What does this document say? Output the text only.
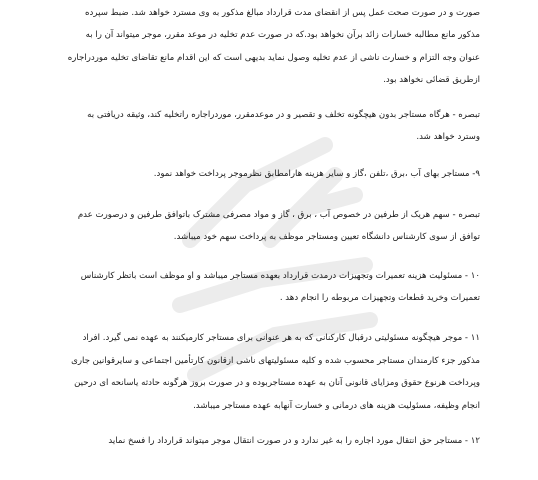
صورت و در صورت صحت عمل پس از انقضای مدت قرارداد مبالغ مذکور به وی مسترد خواهد شد. ضبط سپرده
مذکور مانع مطالبه خسارات زائد برآن نخواهد بود.که در صورت عدم تخلیه در موعد مقرر، موجر میتواند آن را به
عنوان وجه التزام و خسارت ناشی از عدم تخلیه وصول نماید بدیهی است که این اقدام مانع تقاضای تخلیه موردراجاره
ازطریق قضائی نخواهد بود.
تبصره - هرگاه مستاجر بدون هیچگونه تخلف و تقصیر و در موعدمقرر، موردراجاره راتخلیه کند، وثیقه دریافتی به
وسترد خواهد شد.
۹- مستاجر بهای آب ،برق ،تلفن ،گاز و سایر هزینه هارامطابق نظرموجر پرداخت خواهد نمود.
تبصره - سهم هریک از طرفین در خصوص آب ، برق ، گاز و مواد مصرفی مشترک باتوافق طرفین و درصورت عدم
توافق از سوی کارشناس دانشگاه تعیین ومستاجر موظف به پرداخت سهم خود میباشد.
۱۰ - مسئولیت هزینه تعمیرات وتجهیزات درمدت قرارداد بعهده مستاجر میباشد و او موظف است باتظر کارشناس
تعمیرات وخرید قطعات وتجهیزات مربوطه را انجام دهد .
۱۱ - موجر هیچگونه مسئولیتی درقبال کارکنانی که به هر عنوانی برای مستاجر کارمیکنند به عهده نمی گیرد. افراد
مذکور جزء کارمندان مستاجر محسوب شده و کلیه مسئولیتهای ناشی ازقانون کارتأمین اجتماعی و سایرقوانین جاری
وپرداخت هرنوع حقوق ومزایای قانونی آنان به عهده مستاجربوده و در صورت بروز هرگونه حادثه یاسانحه ای درحین
انجام وظیفه، مسئولیت هزینه های درمانی و خسارت آنهابه عهده مستاجر میباشد.
۱۲ - مستاجر حق انتقال مورد اجاره را به غیر ندارد و در صورت انتقال موجر میتواند قرارداد را فسخ نماید
